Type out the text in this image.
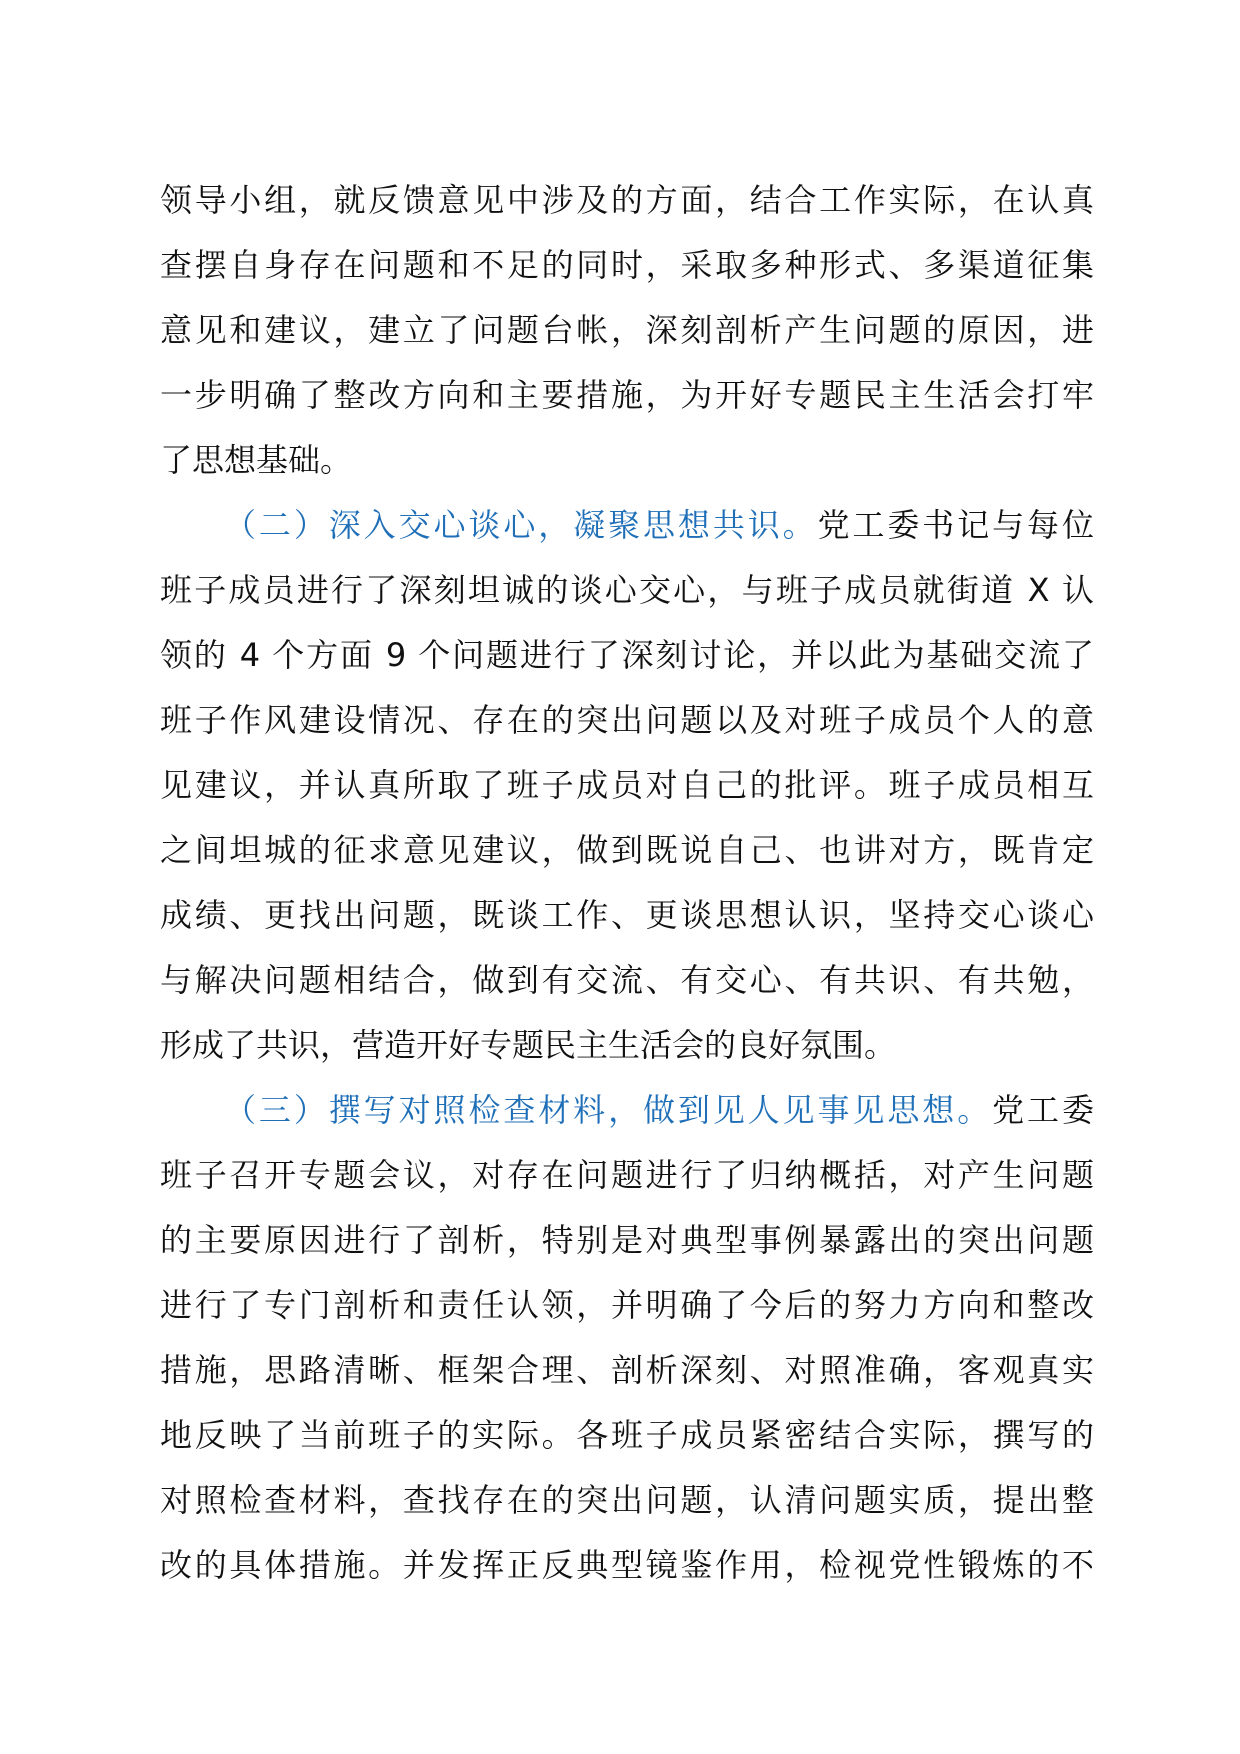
领导小组，就反馈意见中涉及的方面，结合工作实际，在认真
查摆自身存在问题和不足的同时，采取多种形式、多渠道征集
意见和建议，建立了问题台帐，深刻剖析产生问题的原因，进
一步明确了整改方向和主要措施，为开好专题民主生活会打牢
了思想基础。
（二）深入交心谈心，凝聚思想共识。党工委书记与每位
班子成员进行了深刻坦诚的谈心交心，与班子成员就街道 X 认
领的 4 个方面 9 个问题进行了深刻讨论，并以此为基础交流了
班子作风建设情况、存在的突出问题以及对班子成员个人的意
见建议，并认真所取了班子成员对自己的批评。班子成员相互
之间坦城的征求意见建议，做到既说自己、也讲对方，既肯定
成绩、更找出问题，既谈工作、更谈思想认识，坚持交心谈心
与解决问题相结合，做到有交流、有交心、有共识、有共勉，
形成了共识，营造开好专题民主生活会的良好氛围。
（三）撰写对照检查材料，做到见人见事见思想。党工委
班子召开专题会议，对存在问题进行了归纳概括，对产生问题
的主要原因进行了剖析，特别是对典型事例暴露出的突出问题
进行了专门剖析和责任认领，并明确了今后的努力方向和整改
措施，思路清晰、框架合理、剖析深刻、对照准确，客观真实
地反映了当前班子的实际。各班子成员紧密结合实际，撰写的
对照检查材料，查找存在的突出问题，认清问题实质，提出整
改的具体措施。并发挥正反典型镜鉴作用，检视党性锻炼的不
